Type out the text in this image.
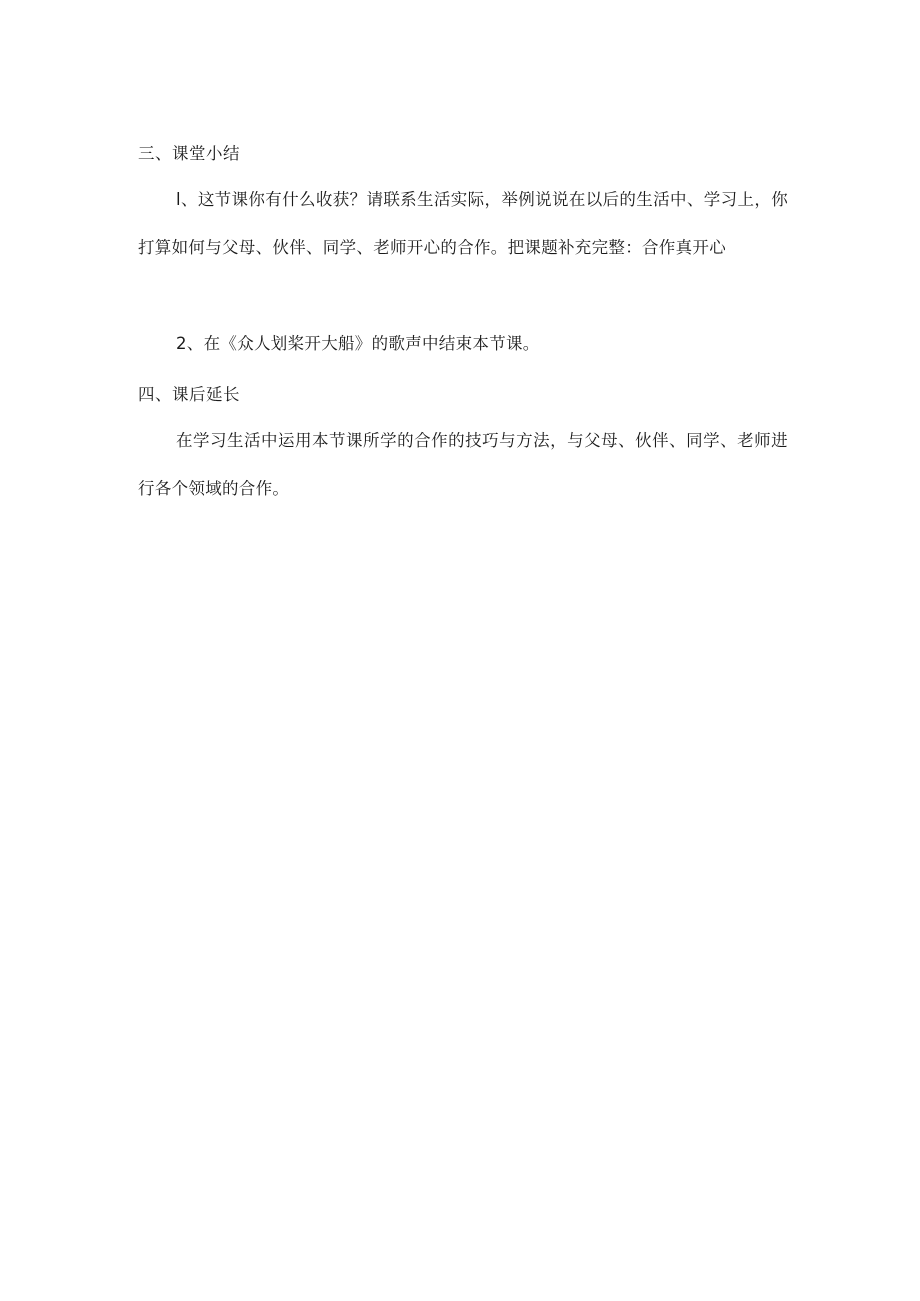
三、课堂小结

l、这节课你有什么收获？请联系生活实际，举例说说在以后的生活中、学习上，你打算如何与父母、伙伴、同学、老师开心的合作。把课题补充完整：合作真开心

2、在《众人划桨开大船》的歌声中结束本节课。

四、课后延长

在学习生活中运用本节课所学的合作的技巧与方法，与父母、伙伴、同学、老师进行各个领域的合作。
